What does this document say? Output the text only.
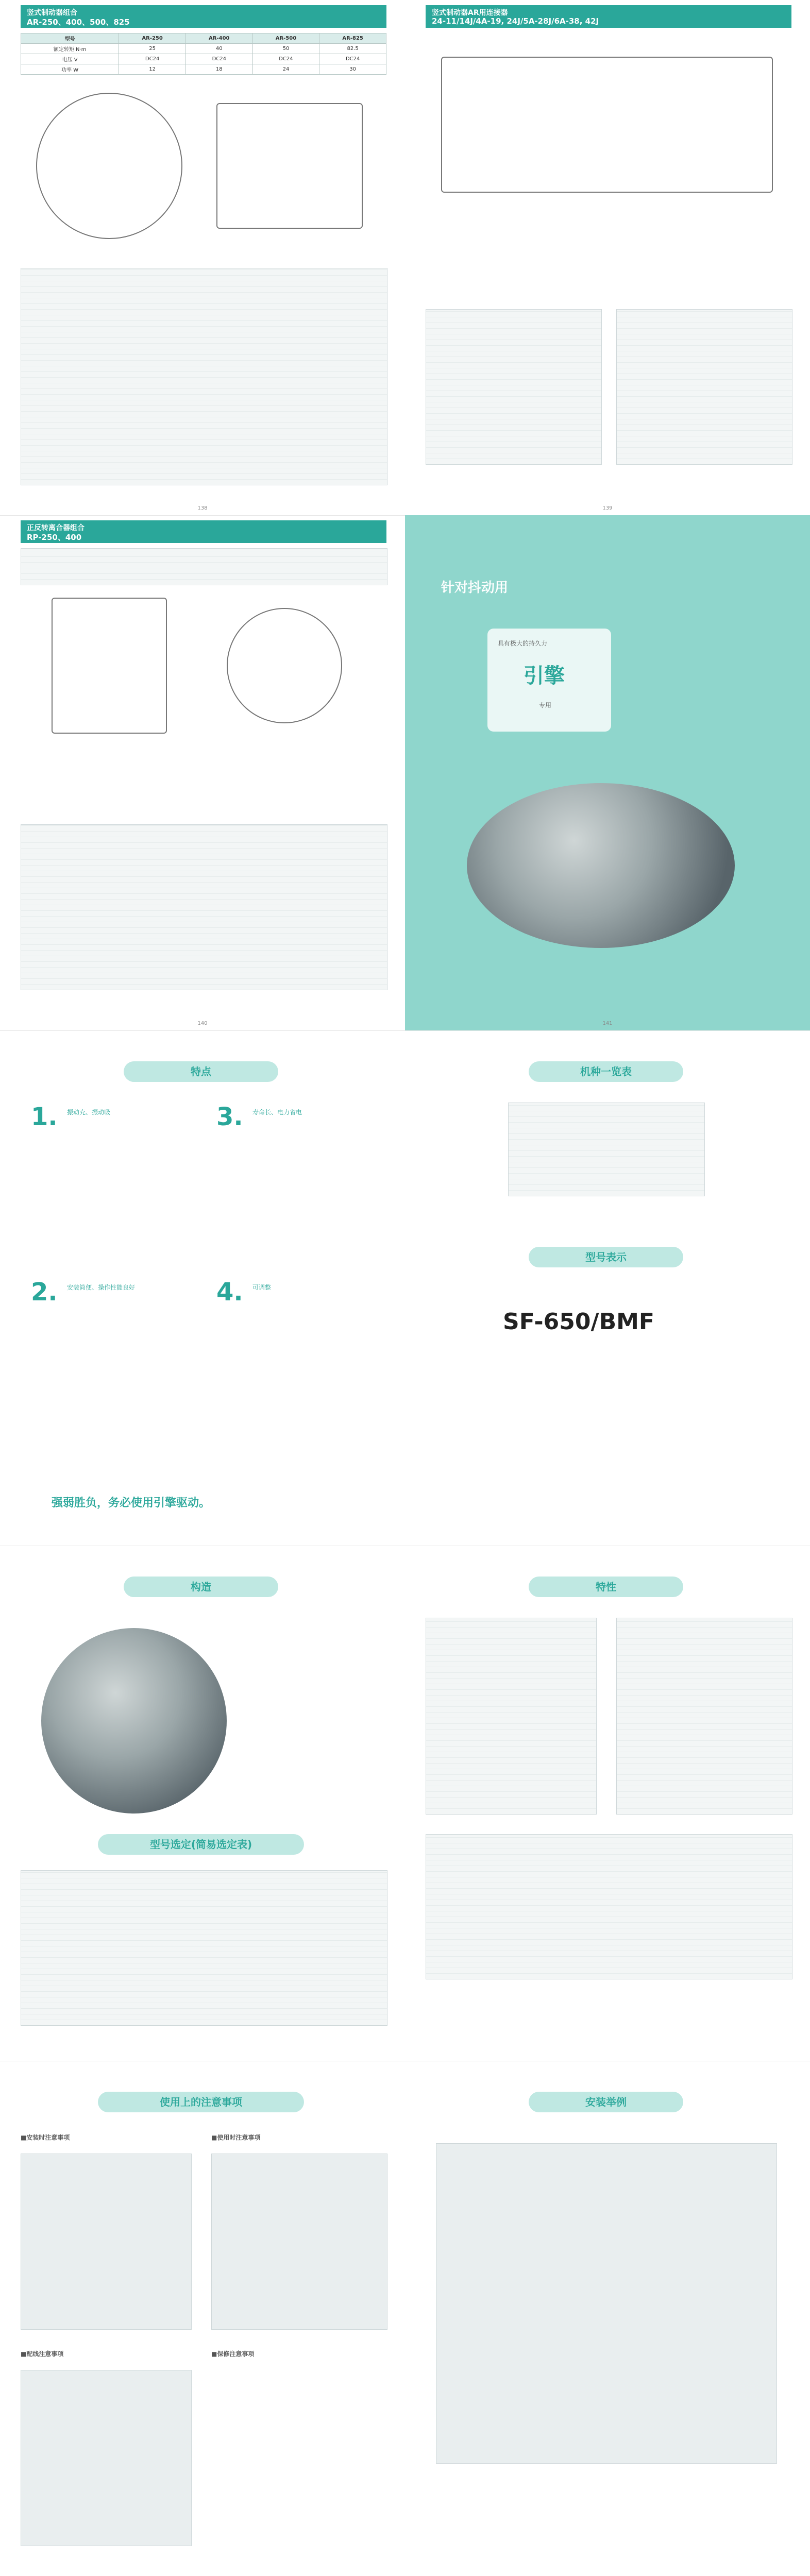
竖式制动器组合
AR-250、400、500、825
型号	AR-250	AR-400	AR-500	AR-825
额定转矩 N·m	25	40	50	82.5
电压 V	DC24	DC24	DC24	DC24
功率 W	12	18	24	30
138
竖式制动器AR用连接器
24-11/14J/4A-19, 24J/5A-28J/6A-38, 42J
139
正反转离合器组合
RP-250、400
140
针对抖动用
具有极大的持久力
引擎
专用
141
特点
1. 振动充、振动吸	3. 寿命长、电力省电
2. 安装简便、操作性能良好	4. 可调整
强弱胜负，务必使用引擎驱动。
机种一览表
型号表示
SF-650/BMF
构造
型号选定(简易选定表)
特性
使用上的注意事项
■安装时注意事项	■使用时注意事项
■配线注意事项	■保修注意事项
安装举例
